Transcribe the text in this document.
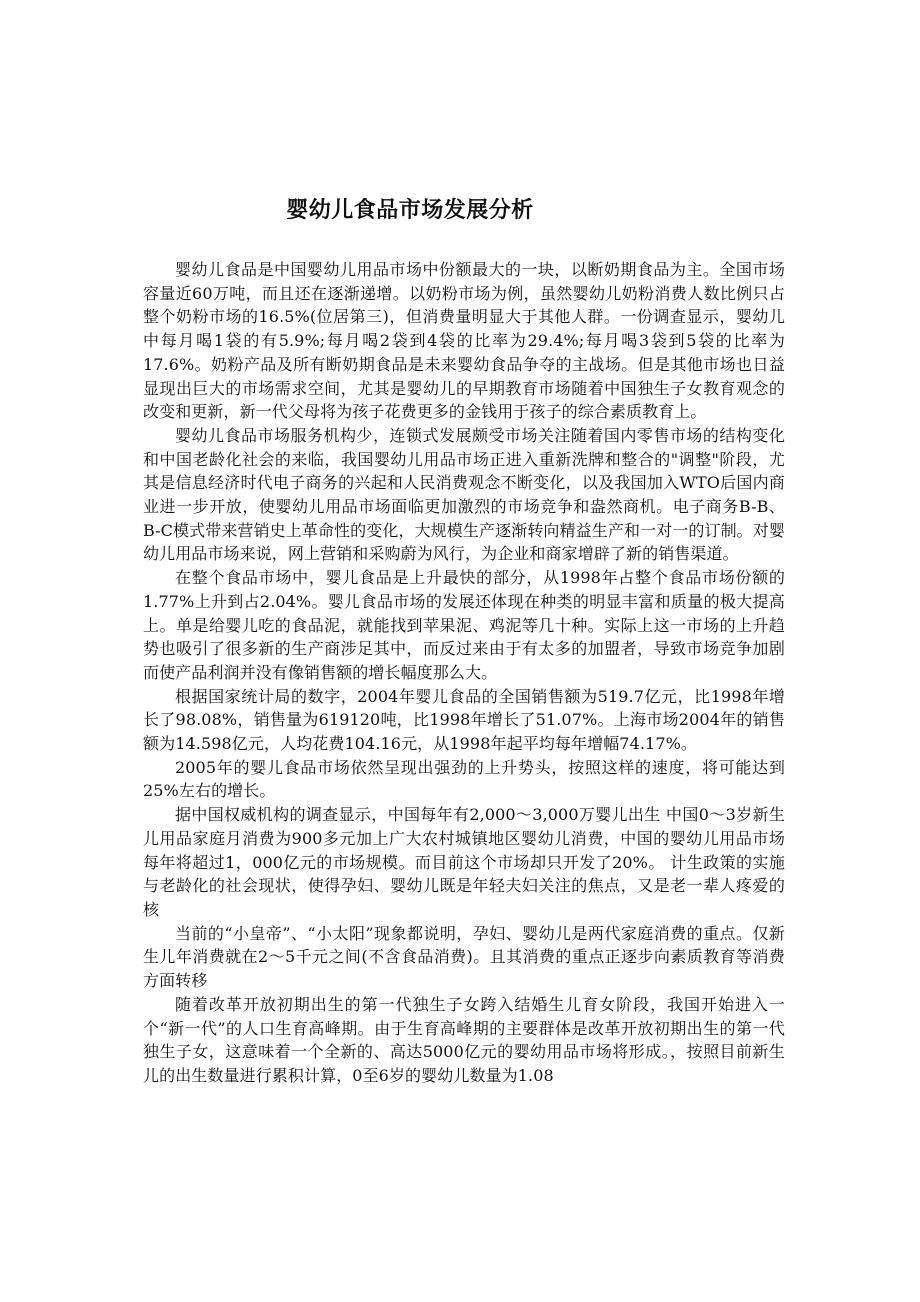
婴幼儿食品市场发展分析

婴幼儿食品是中国婴幼儿用品市场中份额最大的一块，以断奶期食品为主。全国市场容量近60万吨，而且还在逐渐递增。以奶粉市场为例，虽然婴幼儿奶粉消费人数比例只占整个奶粉市场的16.5%(位居第三)，但消费量明显大于其他人群。一份调查显示，婴幼儿中每月喝1袋的有5.9%;每月喝2袋到4袋的比率为29.4%;每月喝3袋到5袋的比率为17.6%。奶粉产品及所有断奶期食品是未来婴幼食品争夺的主战场。但是其他市场也日益显现出巨大的市场需求空间，尤其是婴幼儿的早期教育市场随着中国独生子女教育观念的改变和更新，新一代父母将为孩子花费更多的金钱用于孩子的综合素质教育上。

婴幼儿食品市场服务机构少，连锁式发展颇受市场关注随着国内零售市场的结构变化和中国老龄化社会的来临，我国婴幼儿用品市场正进入重新洗牌和整合的"调整"阶段，尤其是信息经济时代电子商务的兴起和人民消费观念不断变化，以及我国加入WTO后国内商业进一步开放，使婴幼儿用品市场面临更加激烈的市场竞争和盎然商机。电子商务B-B、B-C模式带来营销史上革命性的变化，大规模生产逐渐转向精益生产和一对一的订制。对婴幼儿用品市场来说，网上营销和采购蔚为风行，为企业和商家增辟了新的销售渠道。

在整个食品市场中，婴儿食品是上升最快的部分，从1998年占整个食品市场份额的1.77%上升到占2.04%。婴儿食品市场的发展还体现在种类的明显丰富和质量的极大提高上。单是给婴儿吃的食品泥，就能找到苹果泥、鸡泥等几十种。实际上这一市场的上升趋势也吸引了很多新的生产商涉足其中，而反过来由于有太多的加盟者，导致市场竞争加剧而使产品利润并没有像销售额的增长幅度那么大。

根据国家统计局的数字，2004年婴儿食品的全国销售额为519.7亿元，比1998年增长了98.08%，销售量为619120吨，比1998年增长了51.07%。上海市场2004年的销售额为14.598亿元，人均花费104.16元，从1998年起平均每年增幅74.17%。

2005年的婴儿食品市场依然呈现出强劲的上升势头，按照这样的速度，将可能达到25%左右的增长。

据中国权威机构的调查显示，中国每年有2,000～3,000万婴儿出生 中国0～3岁新生儿用品家庭月消费为900多元加上广大农村城镇地区婴幼儿消费，中国的婴幼儿用品市场每年将超过1，000亿元的市场规模。而目前这个市场却只开发了20%。 计生政策的实施与老龄化的社会现状，使得孕妇、婴幼儿既是年轻夫妇关注的焦点，又是老一辈人疼爱的核

当前的“小皇帝”、“小太阳”现象都说明，孕妇、婴幼儿是两代家庭消费的重点。仅新生儿年消费就在2～5千元之间(不含食品消费)。且其消费的重点正逐步向素质教育等消费方面转移

随着改革开放初期出生的第一代独生子女跨入结婚生儿育女阶段，我国开始进入一个“新一代”的人口生育高峰期。由于生育高峰期的主要群体是改革开放初期出生的第一代独生子女，这意味着一个全新的、高达5000亿元的婴幼用品市场将形成。，按照目前新生儿的出生数量进行累积计算，0至6岁的婴幼儿数量为1.08
